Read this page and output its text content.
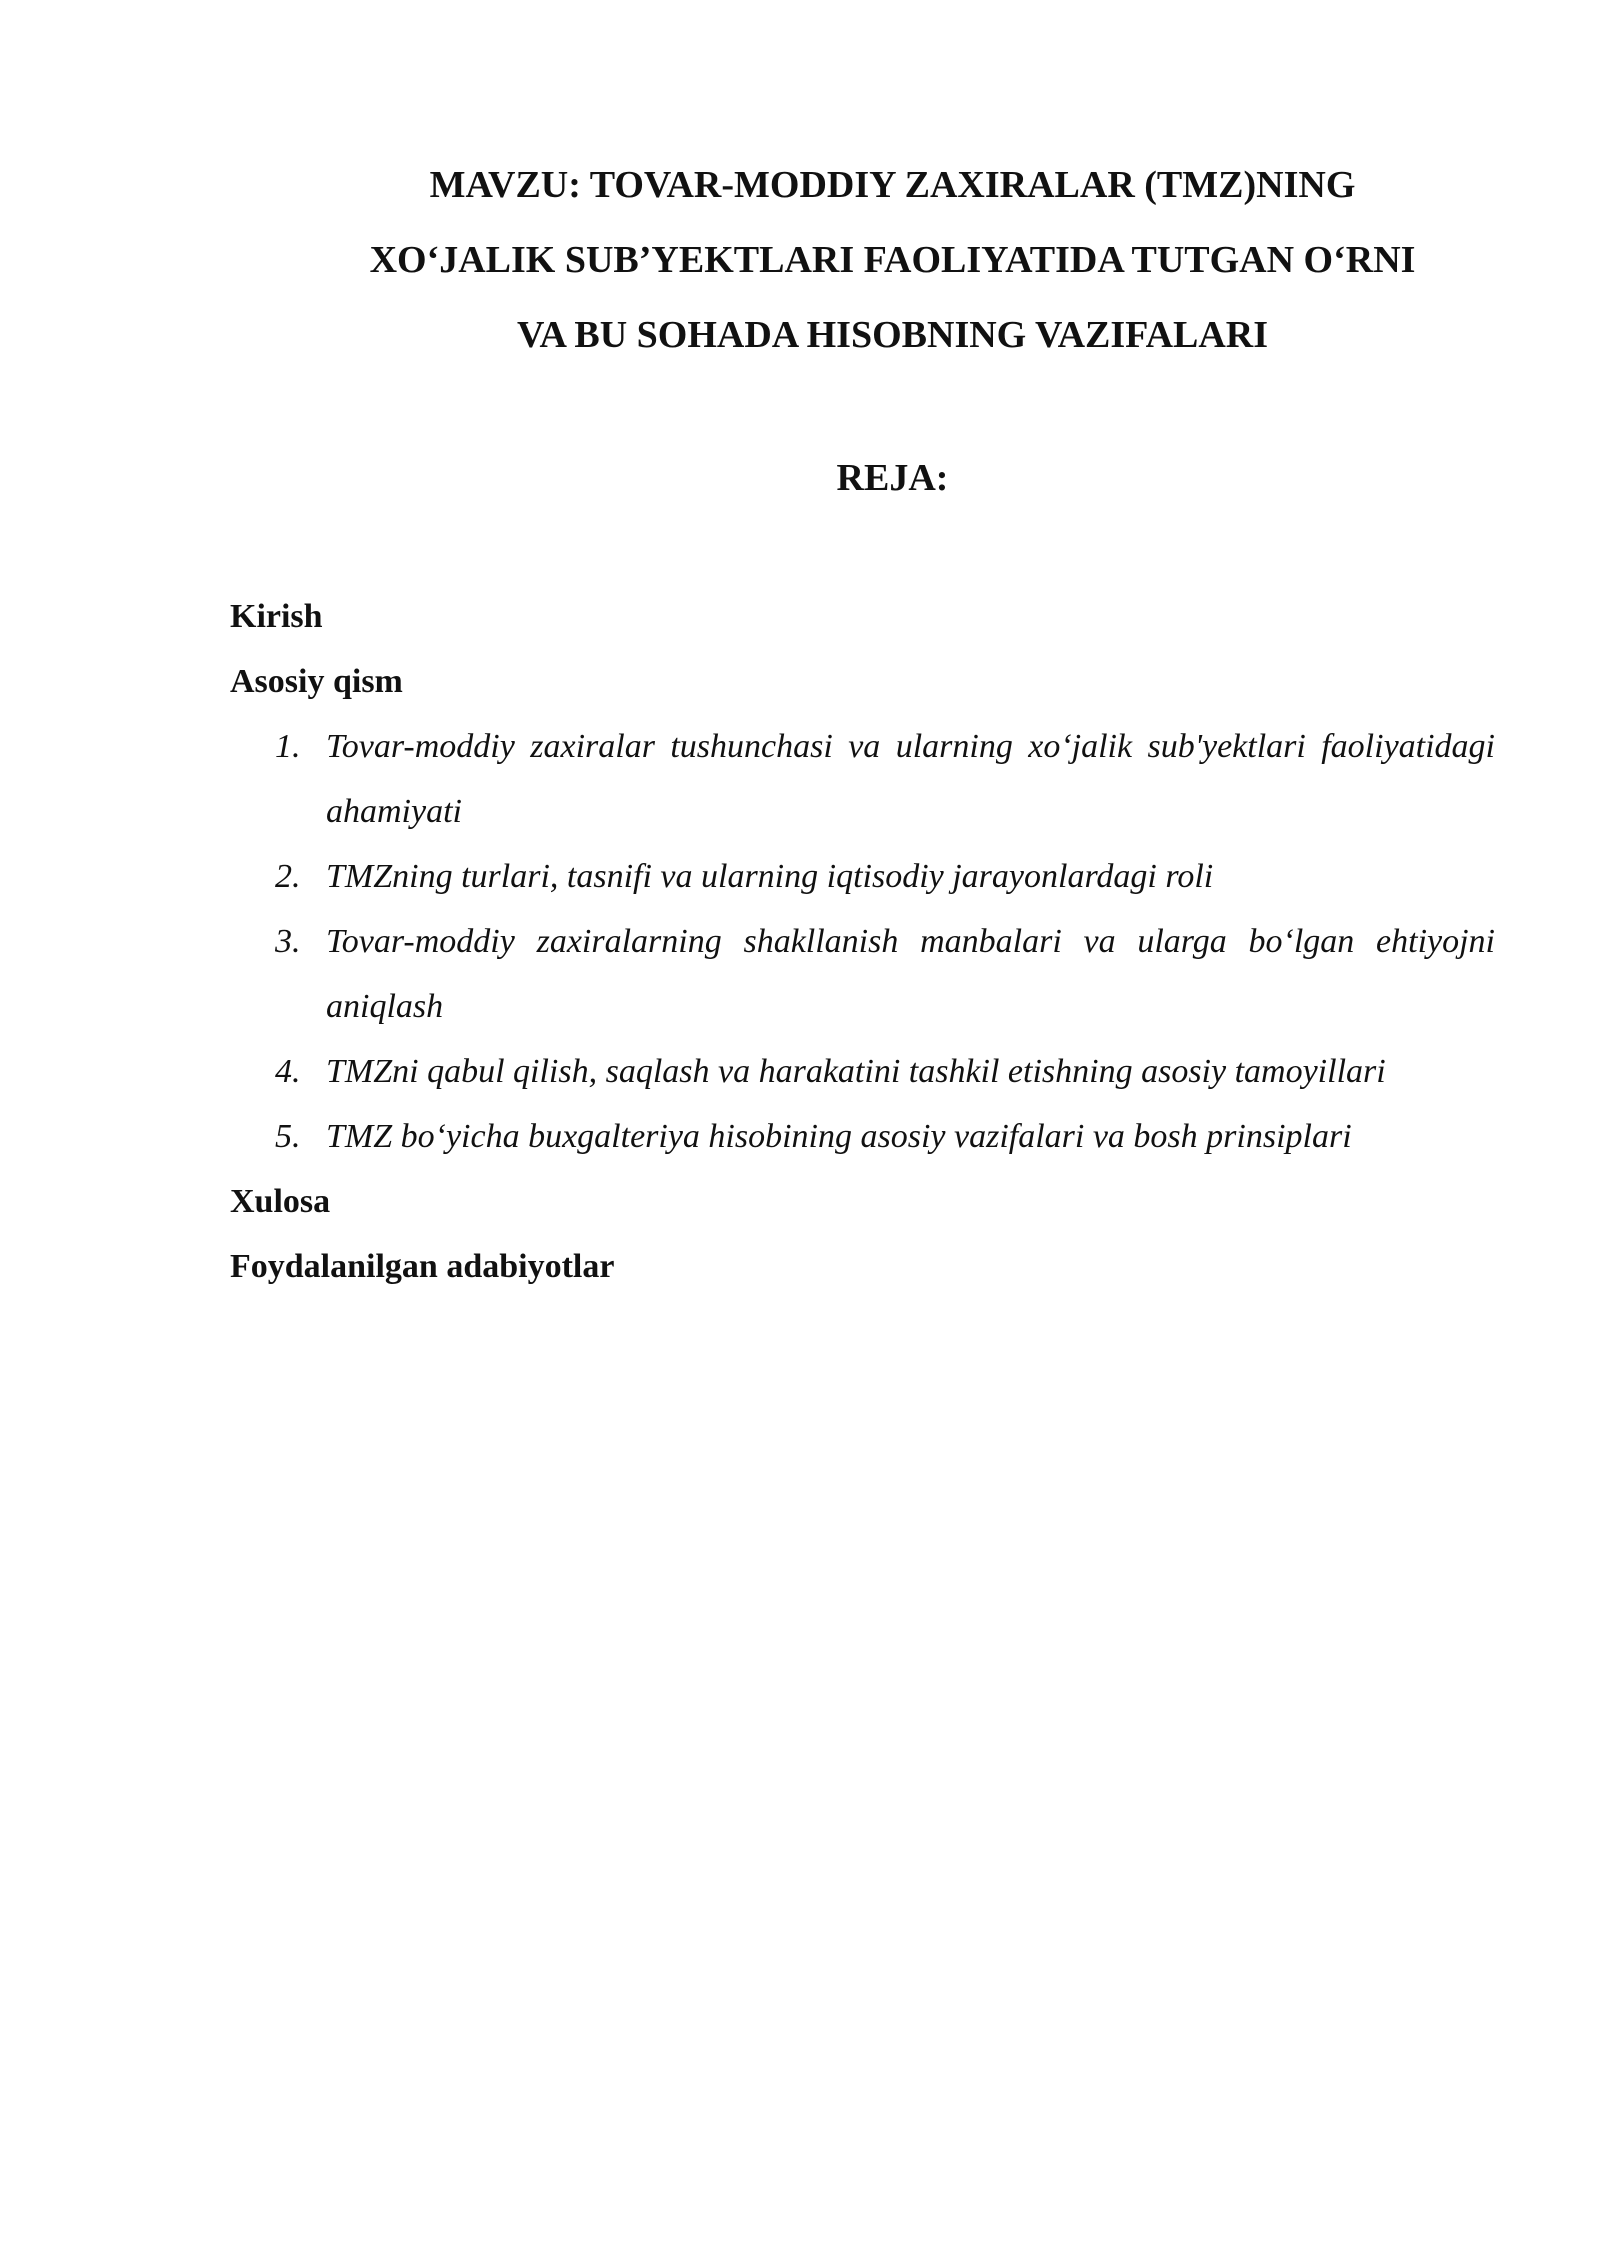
MAVZU: TOVAR-MODDIY ZAXIRALAR (TMZ)NING
XO‘JALIK SUB’YEKTLARI FAOLIYATIDA TUTGAN O‘RNI
VA BU SOHADA HISOBNING VAZIFALARI
REJA:
Kirish
Asosiy qism
1. Tovar-moddiy zaxiralar tushunchasi va ularning xo‘jalik sub'yektlari faoliyatidagi ahamiyati
2. TMZning turlari, tasnifi va ularning iqtisodiy jarayonlardagi roli
3. Tovar-moddiy zaxiralarning shakllanish manbalari va ularga bo‘lgan ehtiyojni aniqlash
4. TMZni qabul qilish, saqlash va harakatini tashkil etishning asosiy tamoyillari
5. TMZ bo‘yicha buxgalteriya hisobining asosiy vazifalari va bosh prinsiplari
Xulosa
Foydalanilgan adabiyotlar
